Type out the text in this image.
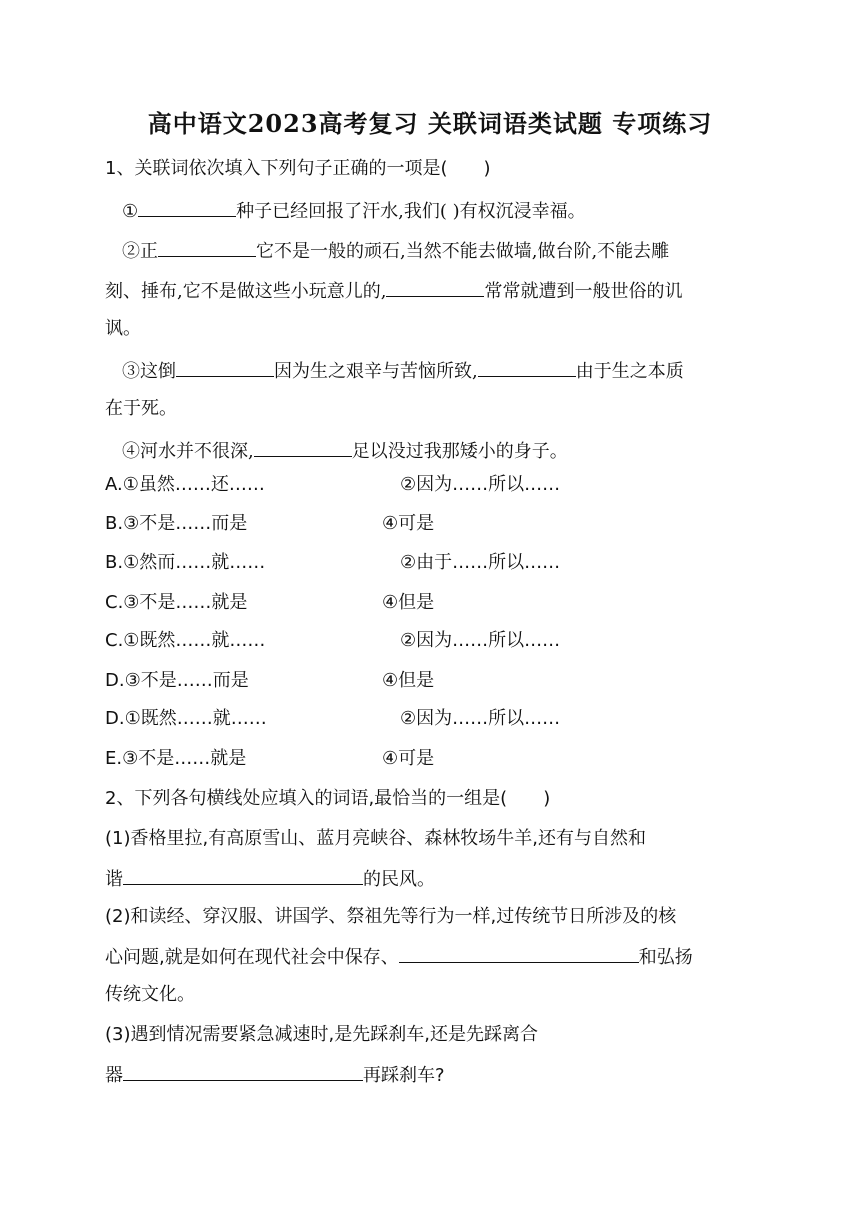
高中语文2023高考复习 关联词语类试题 专项练习
1、关联词依次填入下列句子正确的一项是(　　)
①	种子已经回报了汗水,我们( )有权沉浸幸福。
②正	它不是一般的顽石,当然不能去做墙,做台阶,不能去雕
刻、捶布,它不是做这些小玩意儿的,	常常就遭到一般世俗的讥
讽。
③这倒	因为生之艰辛与苦恼所致,	由于生之本质
在于死。
④河水并不很深,	足以没过我那矮小的身子。
A.①虽然……还……	②因为……所以……
B.③不是……而是	④可是
B.①然而……就……	②由于……所以……
C.③不是……就是	④但是
C.①既然……就……	②因为……所以……
D.③不是……而是	④但是
D.①既然……就……	②因为……所以……
E.③不是……就是	④可是
2、下列各句横线处应填入的词语,最恰当的一组是(　　)
(1)香格里拉,有高原雪山、蓝月亮峡谷、森林牧场牛羊,还有与自然和
谐	的民风。
(2)和读经、穿汉服、讲国学、祭祖先等行为一样,过传统节日所涉及的核
心问题,就是如何在现代社会中保存、	和弘扬
传统文化。
(3)遇到情况需要紧急减速时,是先踩刹车,还是先踩离合
器	再踩刹车?
